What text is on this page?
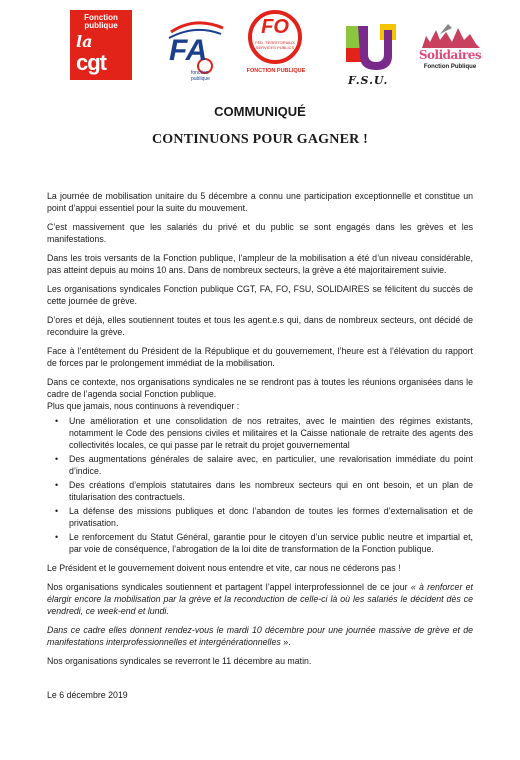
Fonction
publique
la
cgt FA
fonction publique
FO
FÉD. TERRITORIAUX SERVICES PUBLICS
FONCTION PUBLIQUE
F.S.U.
Solidaires
Fonction Publique
COMMUNIQUÉ
CONTINUONS POUR GAGNER !

La journée de mobilisation unitaire du 5 décembre a connu une participation exceptionnelle et constitue un point d’appui essentiel pour la suite du mouvement.

C’est massivement que les salariés du privé et du public se sont engagés dans les grèves et les manifestations.

Dans les trois versants de la Fonction publique, l’ampleur de la mobilisation a été d’un niveau considérable, pas atteint depuis au moins 10 ans. Dans de nombreux secteurs, la grève a été majoritairement suivie.

Les organisations syndicales Fonction publique CGT, FA, FO, FSU, SOLIDAIRES se félicitent du succès de cette journée de grève.

D’ores et déjà, elles soutiennent toutes et tous les agent.e.s qui, dans de nombreux secteurs, ont décidé de reconduire la grève.

Face à l’entêtement du Président de la République et du gouvernement, l’heure est à l’élévation du rapport de forces par le prolongement immédiat de la mobilisation.

Dans ce contexte, nos organisations syndicales ne se rendront pas à toutes les réunions organisées dans le cadre de l’agenda social Fonction publique.

Plus que jamais, nous continuons à revendiquer :

• Une amélioration et une consolidation de nos retraites, avec le maintien des régimes existants, notamment le Code des pensions civiles et militaires et la Caisse nationale de retraite des agents des collectivités locales, ce qui passe par le retrait du projet gouvernemental
• Des augmentations générales de salaire avec, en particulier, une revalorisation immédiate du point d’indice.
• Des créations d’emplois statutaires dans les nombreux secteurs qui en ont besoin, et un plan de titularisation des contractuels.
• La défense des missions publiques et donc l’abandon de toutes les formes d’externalisation et de privatisation.
• Le renforcement du Statut Général, garantie pour le citoyen d’un service public neutre et impartial et, par voie de conséquence, l’abrogation de la loi dite de transformation de la Fonction publique.

Le Président et le gouvernement doivent nous entendre et vite, car nous ne céderons pas !

Nos organisations syndicales soutiennent et partagent l’appel interprofessionnel de ce jour « à renforcer et élargir encore la mobilisation par la grève et la reconduction de celle-ci là où les salariés le décident dès ce vendredi, ce week-end et lundi.

Dans ce cadre elles donnent rendez-vous le mardi 10 décembre pour une journée massive de grève et de manifestations interprofessionnelles et intergénérationnelles ».

Nos organisations syndicales se reverront le 11 décembre au matin.

Le 6 décembre 2019
